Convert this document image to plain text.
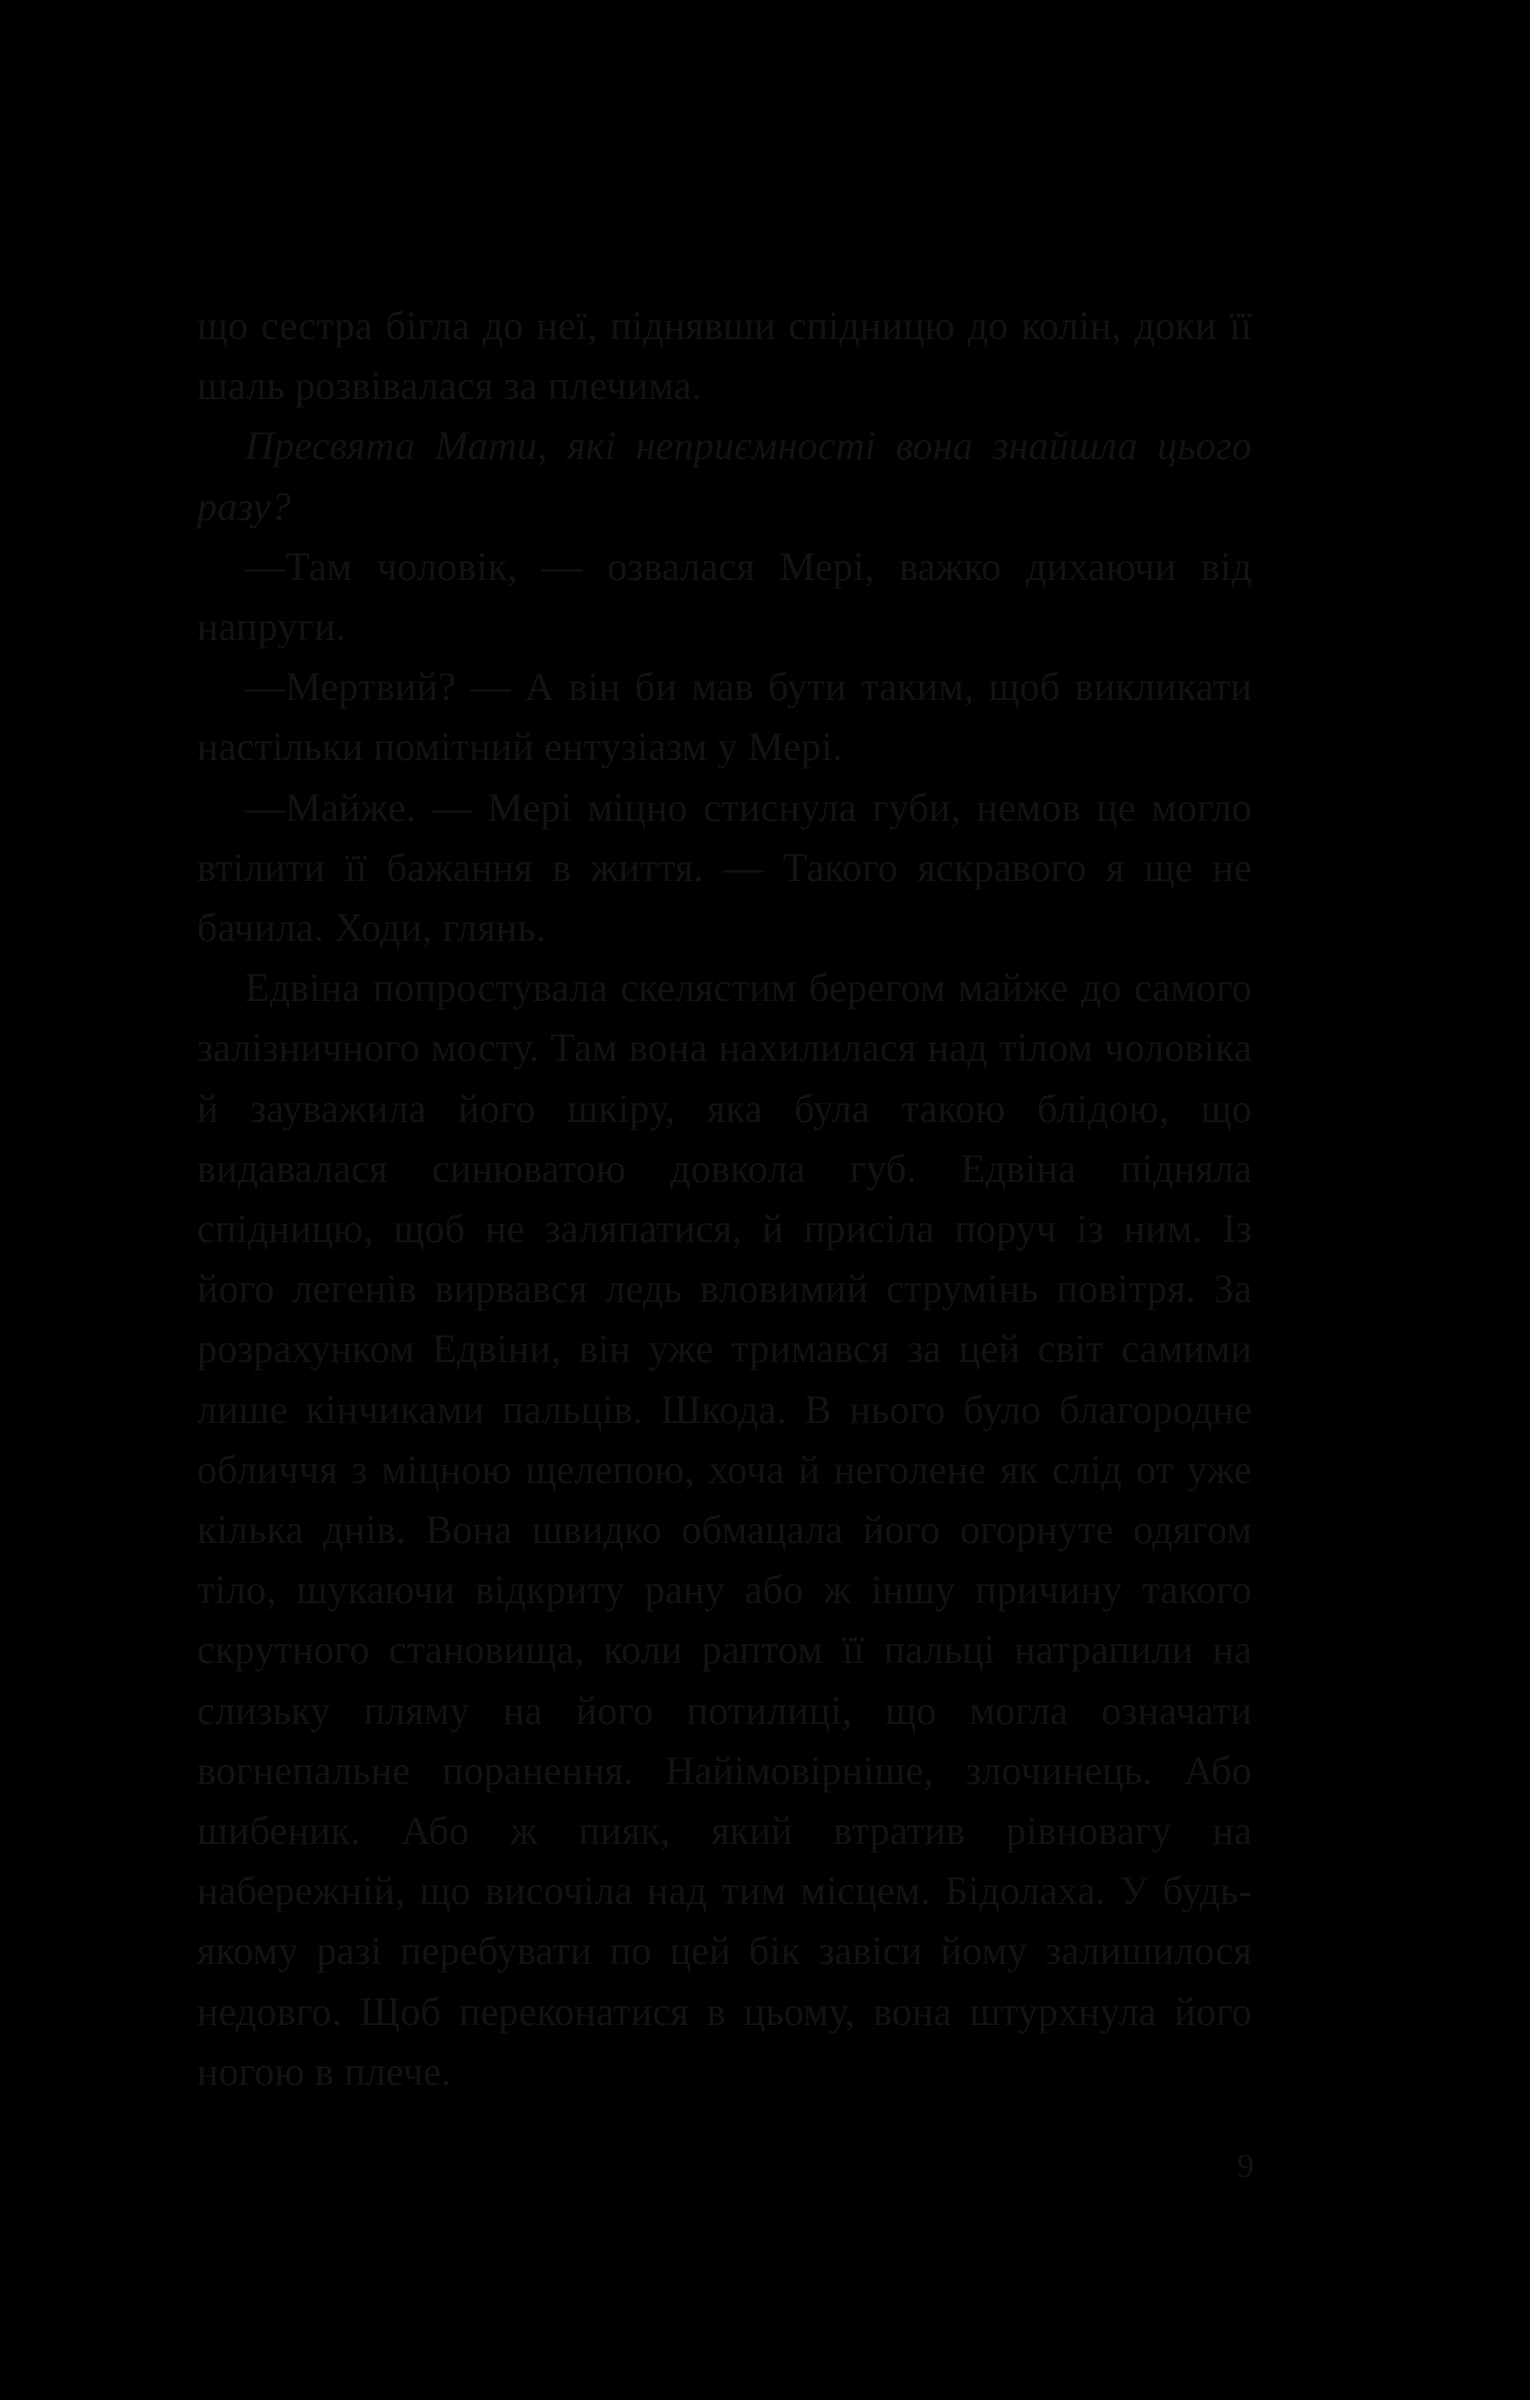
що сестра бігла до неї, піднявши спідницю до колін, доки її шаль розвівалася за плечима.

Пресвята Мати, які неприємності вона знайшла цього разу?

—Там чоловік, — озвалася Мері, важко дихаючи від напруги.

—Мертвий? — А він би мав бути таким, щоб викликати настільки помітний ентузіазм у Мері.

—Майже. — Мері міцно стиснула губи, немов це могло втілити її бажання в життя. — Такого яскравого я ще не бачила. Ходи, глянь.

Едвіна попростувала скелястим берегом майже до самого залізничного мосту. Там вона нахилилася над тілом чоловіка й зауважила його шкіру, яка була такою блідою, що видавалася синюватою довкола губ. Едвіна підняла спідницю, щоб не заляпатися, й присіла поруч із ним. Із його легенів вирвався ледь вловимий струмінь повітря. За розрахунком Едвіни, він уже тримався за цей світ самими лише кінчиками пальців. Шкода. В нього було благородне обличчя з міцною щелепою, хоча й неголене як слід от уже кілька днів. Вона швидко обмацала його огорнуте одягом тіло, шукаючи відкриту рану або ж іншу причину такого скрутного становища, коли раптом її пальці натрапили на слизьку пляму на його потилиці, що могла означати вогнепальне поранення. Найімовірніше, злочинець. Або шибеник. Або ж пияк, який втратив рівновагу на набережній, що височіла над тим місцем. Бідолаха. У будь-якому разі перебувати по цей бік завіси йому залишилося недовго. Щоб переконатися в цьому, вона штурхнула його ногою в плече.

9
